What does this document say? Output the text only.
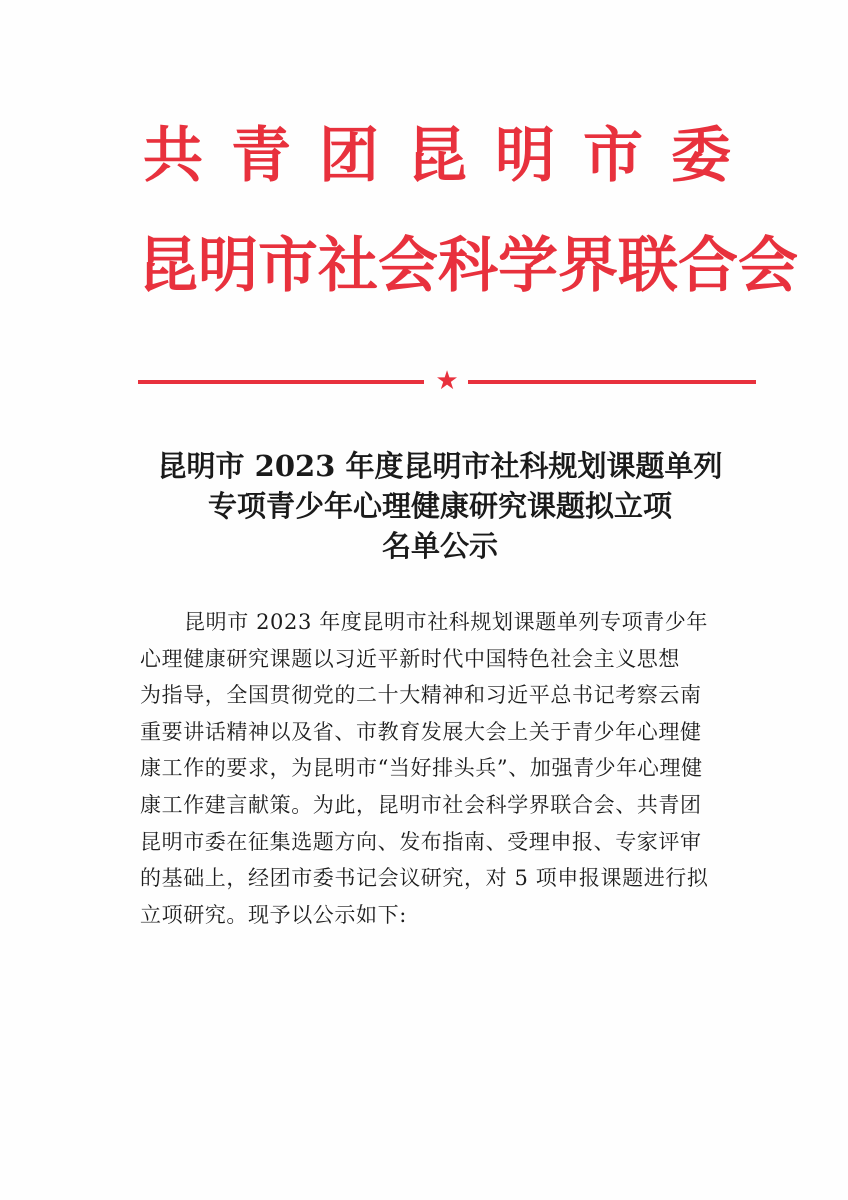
共 青 团 昆 明 市 委
昆 明 市 社 会 科 学 界 联 合 会
★
昆明市 2023 年度昆明市社科规划课题单列
专项青少年心理健康研究课题拟立项
名单公示
昆明市 2023 年度昆明市社科规划课题单列专项青少年
心理健康研究课题以习近平新时代中国特色社会主义思想
为指导，全国贯彻党的二十大精神和习近平总书记考察云南
重要讲话精神以及省、市教育发展大会上关于青少年心理健
康工作的要求，为昆明市“当好排头兵”、加强青少年心理健
康工作建言献策。为此，昆明市社会科学界联合会、共青团
昆明市委在征集选题方向、发布指南、受理申报、专家评审
的基础上，经团市委书记会议研究，对 5 项申报课题进行拟
立项研究。现予以公示如下:
